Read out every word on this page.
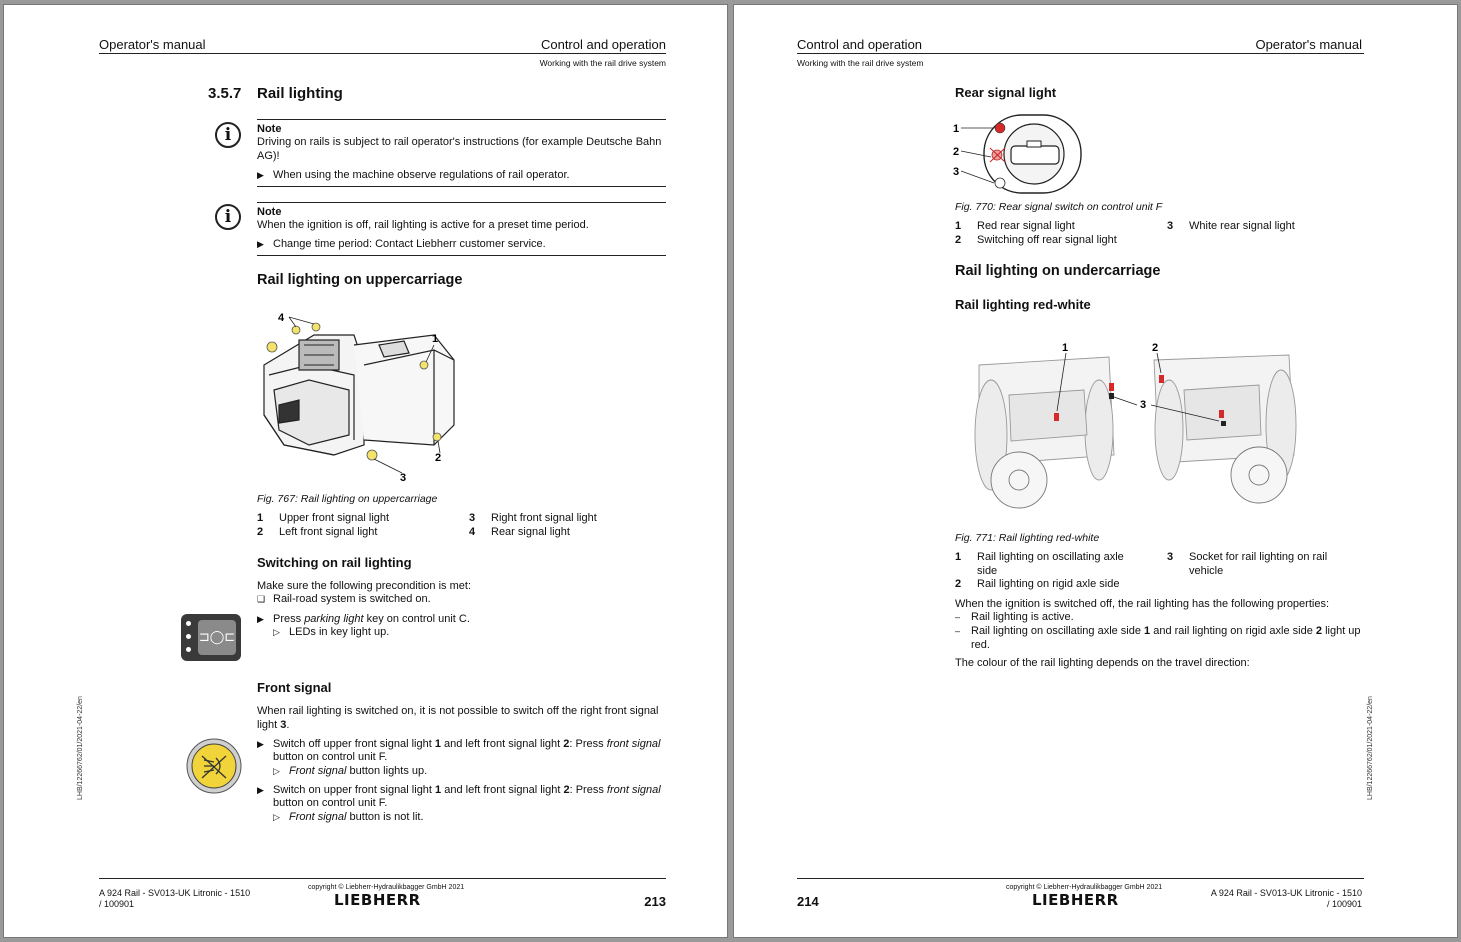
Operator's manual	Control and operation
Working with the rail drive system
3.5.7 Rail lighting
i	Note
Driving on rails is subject to rail operator's instructions (for example Deutsche Bahn AG)!
▶ When using the machine observe regulations of rail operator.
i	Note
When the ignition is off, rail lighting is active for a preset time period.
▶ Change time period: Contact Liebherr customer service.
Rail lighting on uppercarriage
4
1
2
3
Fig. 767: Rail lighting on uppercarriage
1 Upper front signal light
2 Left front signal light
3 Right front signal light
4 Rear signal light
Switching on rail lighting
Make sure the following precondition is met:
❑ Rail-road system is switched on.
⊐◯⊏
▶ Press parking light key on control unit C.
▷ LEDs in key light up.
Front signal
When rail lighting is switched on, it is not possible to switch off the right front signal light 3.
▶ Switch off upper front signal light 1 and left front signal light 2: Press front signal
button on control unit F.
▷ Front signal button lights up.
▶ Switch on upper front signal light 1 and left front signal light 2: Press front signal
button on control unit F.
▷ Front signal button is not lit.
LHB/12266762/01/2021-04-22/en
A 924 Rail - SV013-UK Litronic - 1510
/ 100901
copyright © Liebherr-Hydraulikbagger GmbH 2021
LIEBHERR	213
Control and operation	Operator's manual
Working with the rail drive system
Rear signal light
1
2
3
Fig. 770: Rear signal switch on control unit F
1 Red rear signal light
2 Switching off rear signal light
3 White rear signal light
Rail lighting on undercarriage
Rail lighting red-white
1	2
3
Fig. 771: Rail lighting red-white
1	Rail lighting on oscillating axle side
2 Rail lighting on rigid axle side
3	Socket for rail lighting on rail vehicle
When the ignition is switched off, the rail lighting has the following properties:
– Rail lighting is active.
– Rail lighting on oscillating axle side 1 and rail lighting on rigid axle side 2 light up red.
The colour of the rail lighting depends on the travel direction:
LHB/12266762/01/2021-04-22/en
214
copyright © Liebherr-Hydraulikbagger GmbH 2021
LIEBHERR	A 924 Rail - SV013-UK Litronic - 1510
/ 100901
